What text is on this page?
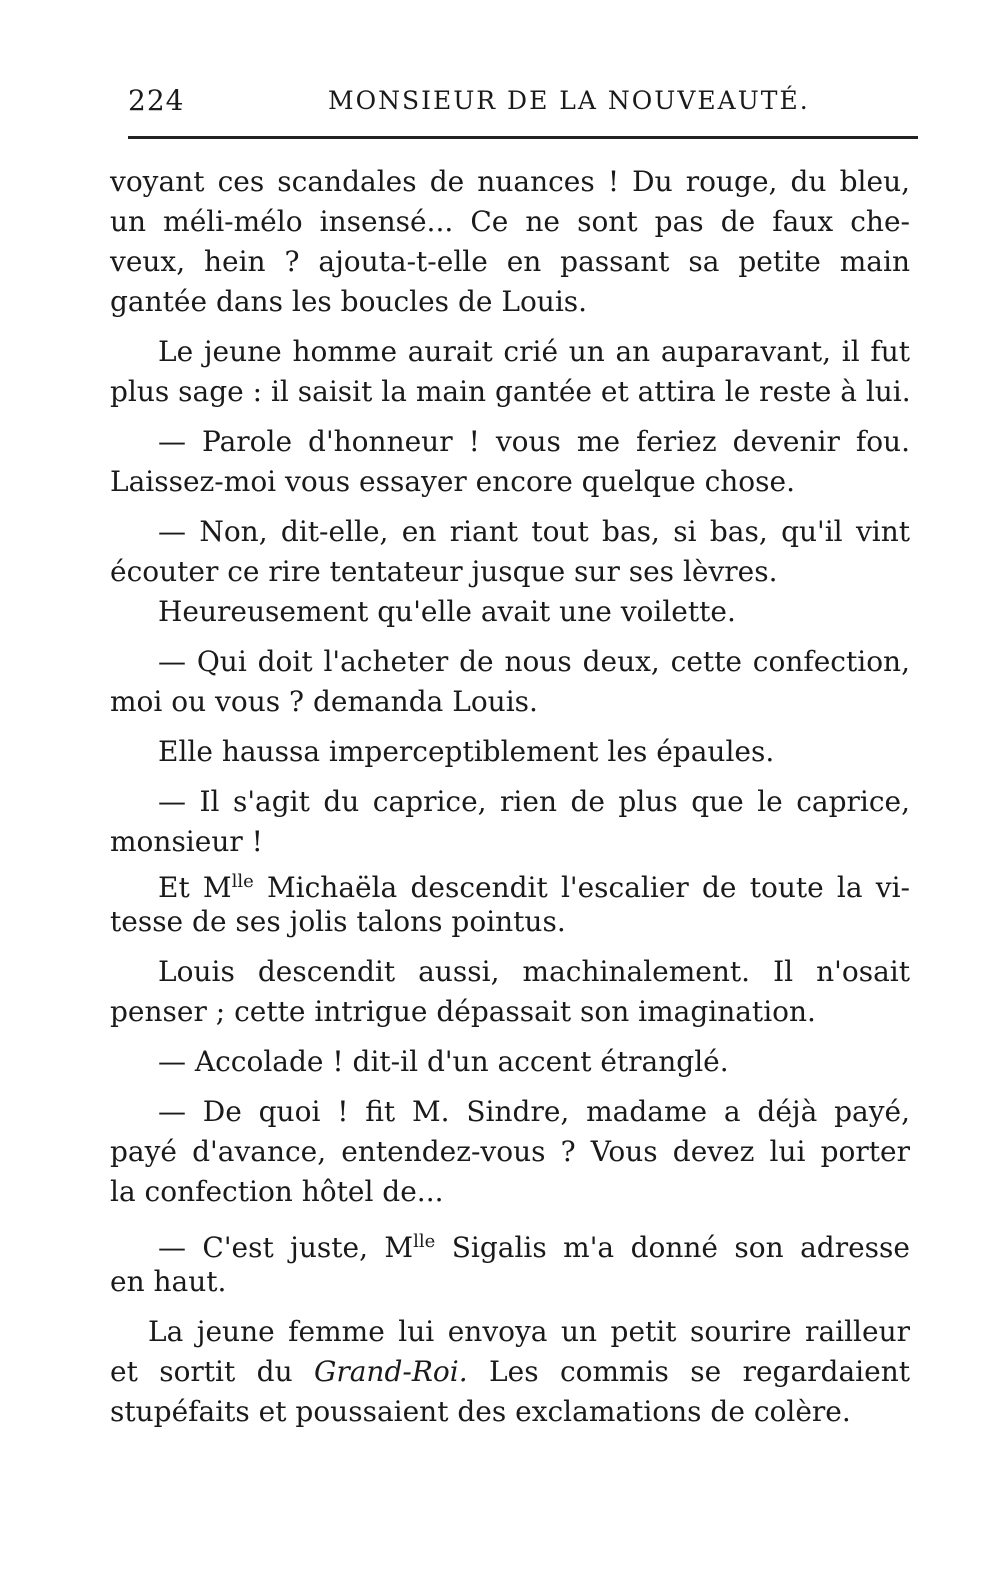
224	MONSIEUR DE LA NOUVEAUTÉ.
voyant ces scandales de nuances ! Du rouge, du bleu,
un méli-mélo insensé... Ce ne sont pas de faux che-
veux, hein ? ajouta-t-elle en passant sa petite main
gantée dans les boucles de Louis.
Le jeune homme aurait crié un an auparavant, il fut
plus sage : il saisit la main gantée et attira le reste à lui.
— Parole d'honneur ! vous me feriez devenir fou.
Laissez-moi vous essayer encore quelque chose.
— Non, dit-elle, en riant tout bas, si bas, qu'il vint
écouter ce rire tentateur jusque sur ses lèvres.
Heureusement qu'elle avait une voilette.
— Qui doit l'acheter de nous deux, cette confection,
moi ou vous ? demanda Louis.
Elle haussa imperceptiblement les épaules.
— Il s'agit du caprice, rien de plus que le caprice,
monsieur !
Et $M^{lle}$ Michaëla descendit l'escalier de toute la vi-
tesse de ses jolis talons pointus.
Louis descendit aussi, machinalement. Il n'osait
penser ; cette intrigue dépassait son imagination.
— Accolade ! dit-il d'un accent étranglé.
— De quoi ! fit M. Sindre, madame a déjà payé,
payé d'avance, entendez-vous ? Vous devez lui porter
la confection hôtel de...
— C'est juste, $M^{lle}$ Sigalis m'a donné son adresse
en haut.
La jeune femme lui envoya un petit sourire railleur
et sortit du Grand-Roi. Les commis se regardaient
stupéfaits et poussaient des exclamations de colère.
